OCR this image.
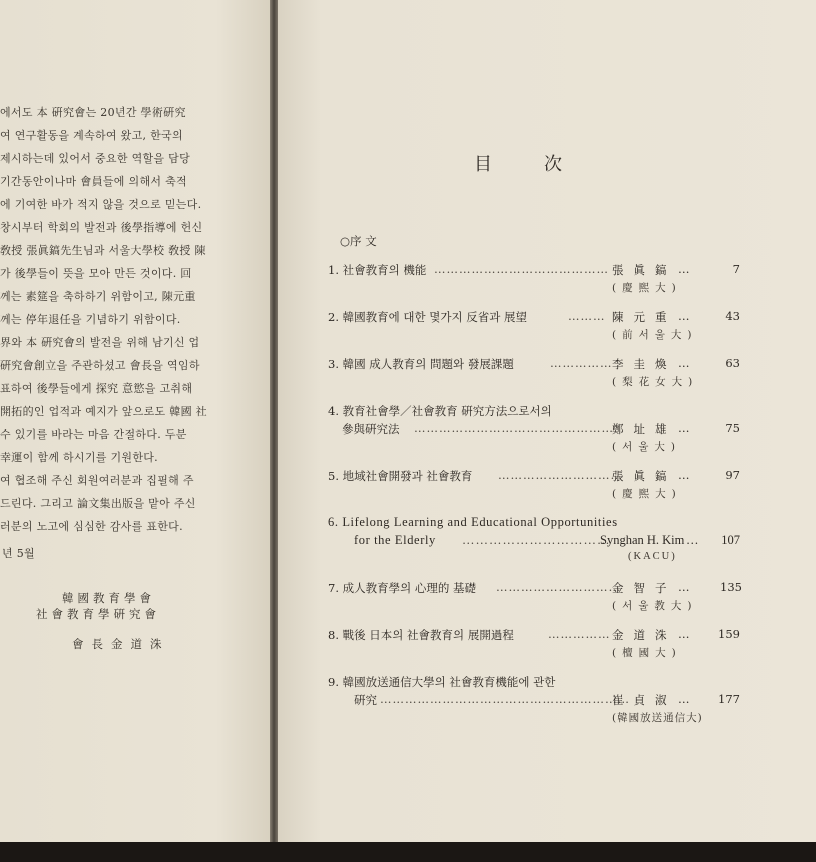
에서도 本 硏究會는 20년간 學術硏究
여 연구활동을 계속하여 왔고, 한국의
제시하는데 있어서 중요한 역할을 담당
기간동안이나마 會員들에 의해서 축적
에 기여한 바가 적지 않을 것으로 믿는다.
창시부터 학회의 발전과 後學指導에 헌신
敎授 張眞鎬先生님과 서울大學校 敎授 陳
가 後學들이 뜻을 모아 만든 것이다. 回
께는 素筵을 축하하기 위함이고, 陳元重
께는 停年退任을 기념하기 위함이다.
界와 本 硏究會의 발전을 위해 남기신 업
硏究會創立을 주관하셨고 會長을 역임하
표하여 後學들에게 探究 意慾을 고취해
開拓的인 업적과 예지가 앞으로도 韓國 社
수 있기를 바라는 마음 간절하다. 두분
幸運이 함께 하시기를 기원한다.
여 협조해 주신 회원여러분과 집필해 주
드린다. 그리고 論文集出版을 맡아 주신
러분의 노고에 심심한 감사를 표한다.
년 5월
韓國教育學會
社會教育學硏究會
會長金道洙
目	次
○序 文
1. 社會教育의 機能 …………………………………… 張眞鎬 …	7
(慶熙大)
2. 韓國教育에 대한 몇가지 反省과 展望	……… 陳元重 …	43
(前서울大)
3. 韓國 成人教育의 問題와 發展課題	…………… 李圭煥 …	63
(梨花女大)
4. 教育社會學／社會教育 硏究方法으로서의
參與硏究法 …………………………………………
鄭址雄 …	75
(서울大)
5. 地域社會開發과 社會教育 …………………………
張眞鎬 …	97
(慶熙大)
6. Lifelong Learning and Educational Opportunities
for the Elderly ……………………………
Synghan H. Kim …	107
(KACU)
7. 成人教育學의 心理的 基礎 …………………………
金智子 …	135
(서울教大)
8. 戰後 日本의 社會教育의 展開過程	…………… 金道洙 … 159
(檀國大)
9. 韓國放送通信大學의 社會教育機能에 관한
硏究 ……………………………………………………
崔貞淑 … 177
(韓國放送通信大)
